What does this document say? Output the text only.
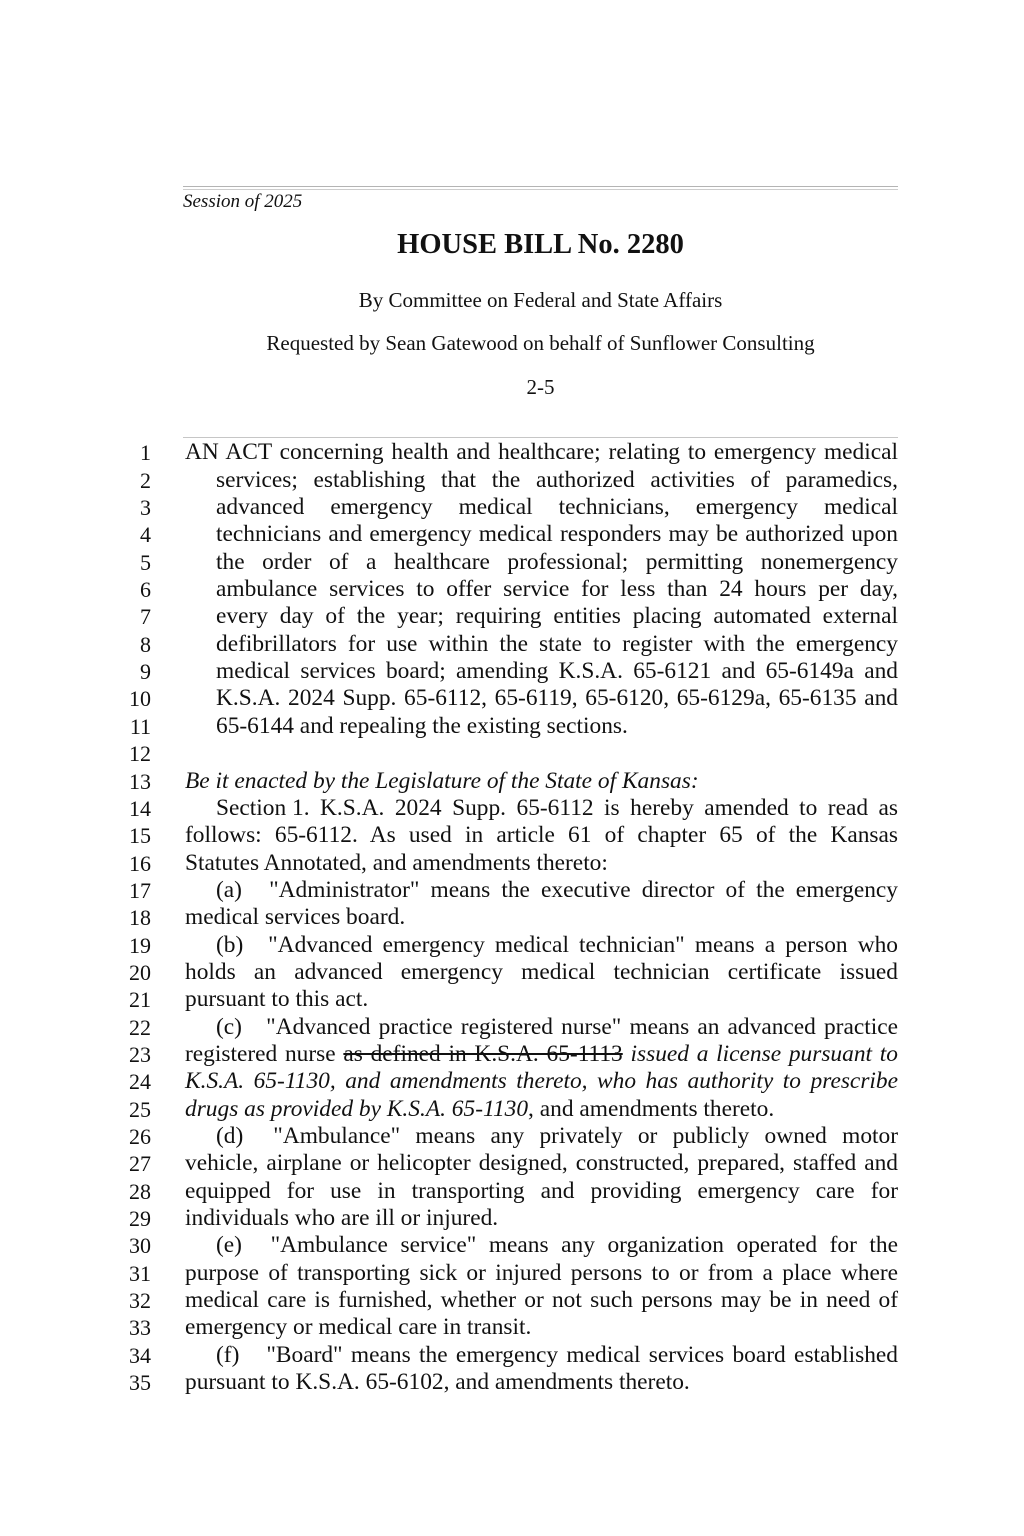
Session of 2025
HOUSE BILL No. 2280
By Committee on Federal and State Affairs
Requested by Sean Gatewood on behalf of Sunflower Consulting
2-5
1 AN ACT concerning health and healthcare; relating to emergency medical
2	services; establishing that the authorized activities of paramedics,
3	advanced emergency medical technicians, emergency medical
4	technicians and emergency medical responders may be authorized upon
5	the order of a healthcare professional; permitting nonemergency
6	ambulance services to offer service for less than 24 hours per day,
7	every day of the year; requiring entities placing automated external
8	defibrillators for use within the state to register with the emergency
9	medical services board; amending K.S.A. 65-6121 and 65-6149a and
10	K.S.A. 2024 Supp. 65-6112, 65-6119, 65-6120, 65-6129a, 65-6135 and
11	65-6144 and repealing the existing sections.
12
13 Be it enacted by the Legislature of the State of Kansas:
14	Section 1. K.S.A. 2024 Supp. 65-6112 is hereby amended to read as
15 follows: 65-6112. As used in article 61 of chapter 65 of the Kansas
16 Statutes Annotated, and amendments thereto:
17	(a) "Administrator" means the executive director of the emergency
18 medical services board.
19	(b) "Advanced emergency medical technician" means a person who
20 holds an advanced emergency medical technician certificate issued
21 pursuant to this act.
22	(c) "Advanced practice registered nurse" means an advanced practice
23 registered nurse as defined in K.S.A. 65-1113 issued a license pursuant to
24 K.S.A. 65-1130, and amendments thereto, who has authority to prescribe
25 drugs as provided by K.S.A. 65-1130, and amendments thereto.
26	(d) "Ambulance" means any privately or publicly owned motor
27 vehicle, airplane or helicopter designed, constructed, prepared, staffed and
28 equipped for use in transporting and providing emergency care for
29 individuals who are ill or injured.
30	(e) "Ambulance service" means any organization operated for the
31 purpose of transporting sick or injured persons to or from a place where
32 medical care is furnished, whether or not such persons may be in need of
33 emergency or medical care in transit.
34	(f) "Board" means the emergency medical services board established
35 pursuant to K.S.A. 65-6102, and amendments thereto.
